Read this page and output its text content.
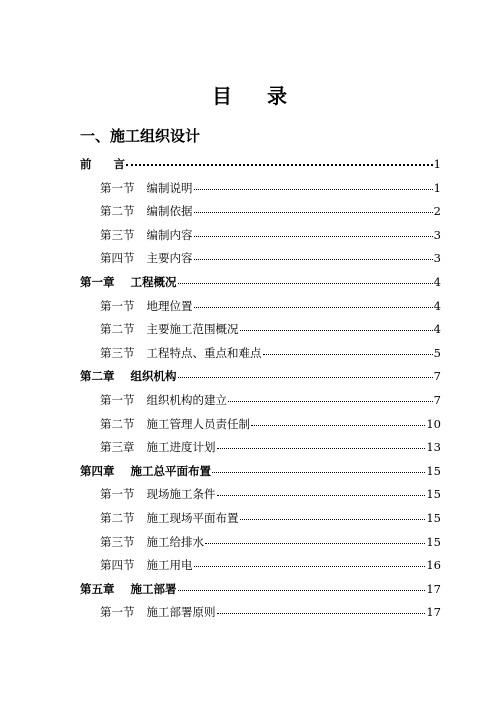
目 录
一、施工组织设计
前 言	1
第一节 编制说明	1
第二节 编制依据	2
第三节 编制内容	3
第四节 主要内容	3
第一章 工程概况	4
第一节 地理位置	4
第二节 主要施工范围概况	4
第三节 工程特点、重点和难点	5
第二章 组织机构	7
第一节 组织机构的建立	7
第二节 施工管理人员责任制	10
第三章 施工进度计划	13
第四章 施工总平面布置	15
第一节 现场施工条件	15
第二节 施工现场平面布置	15
第三节 施工给排水	15
第四节 施工用电	16
第五章 施工部署	17
第一节 施工部署原则	17
